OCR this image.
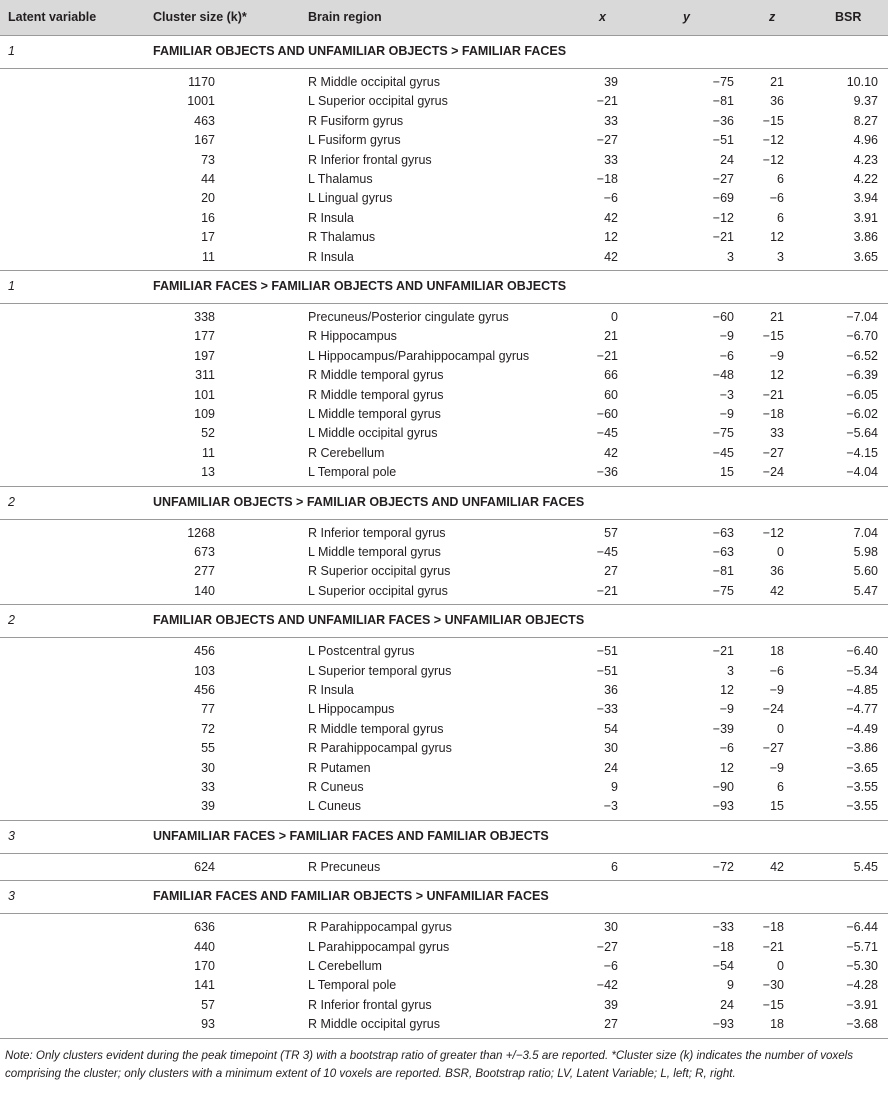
Latent variable	Cluster size (k)*	Brain region	x	y	z	BSR
1	FAMILIAR OBJECTS AND UNFAMILIAR OBJECTS > FAMILIAR FACES
1170	R Middle occipital gyrus	39	−75	21	10.10
1001	L Superior occipital gyrus	−21	−81	36	9.37
463	R Fusiform gyrus	33	−36	−15	8.27
167	L Fusiform gyrus	−27	−51	−12	4.96
73	R Inferior frontal gyrus	33	24	−12	4.23
44	L Thalamus	−18	−27	6	4.22
20	L Lingual gyrus	−6	−69	−6	3.94
16	R Insula	42	−12	6	3.91
17	R Thalamus	12	−21	12	3.86
11	R Insula	42	3	3	3.65
1	FAMILIAR FACES > FAMILIAR OBJECTS AND UNFAMILIAR OBJECTS
338	Precuneus/Posterior cingulate gyrus	0	−60	21	−7.04
177	R Hippocampus	21	−9	−15	−6.70
197	L Hippocampus/Parahippocampal gyrus	−21	−6	−9	−6.52
311	R Middle temporal gyrus	66	−48	12	−6.39
101	R Middle temporal gyrus	60	−3	−21	−6.05
109	L Middle temporal gyrus	−60	−9	−18	−6.02
52	L Middle occipital gyrus	−45	−75	33	−5.64
11	R Cerebellum	42	−45	−27	−4.15
13	L Temporal pole	−36	15	−24	−4.04
2	UNFAMILIAR OBJECTS > FAMILIAR OBJECTS AND UNFAMILIAR FACES
1268	R Inferior temporal gyrus	57	−63	−12	7.04
673	L Middle temporal gyrus	−45	−63	0	5.98
277	R Superior occipital gyrus	27	−81	36	5.60
140	L Superior occipital gyrus	−21	−75	42	5.47
2	FAMILIAR OBJECTS AND UNFAMILIAR FACES > UNFAMILIAR OBJECTS
456	L Postcentral gyrus	−51	−21	18	−6.40
103	L Superior temporal gyrus	−51	3	−6	−5.34
456	R Insula	36	12	−9	−4.85
77	L Hippocampus	−33	−9	−24	−4.77
72	R Middle temporal gyrus	54	−39	0	−4.49
55	R Parahippocampal gyrus	30	−6	−27	−3.86
30	R Putamen	24	12	−9	−3.65
33	R Cuneus	9	−90	6	−3.55
39	L Cuneus	−3	−93	15	−3.55
3	UNFAMILIAR FACES > FAMILIAR FACES AND FAMILIAR OBJECTS
624	R Precuneus	6	−72	42	5.45
3	FAMILIAR FACES AND FAMILIAR OBJECTS > UNFAMILIAR FACES
636	R Parahippocampal gyrus	30	−33	−18	−6.44
440	L Parahippocampal gyrus	−27	−18	−21	−5.71
170	L Cerebellum	−6	−54	0	−5.30
141	L Temporal pole	−42	9	−30	−4.28
57	R Inferior frontal gyrus	39	24	−15	−3.91
93	R Middle occipital gyrus	27	−93	18	−3.68
Note: Only clusters evident during the peak timepoint (TR 3) with a bootstrap ratio of greater than +/−3.5 are reported. *Cluster size (k) indicates the number of voxels comprising the cluster; only clusters with a minimum extent of 10 voxels are reported. BSR, Bootstrap ratio; LV, Latent Variable; L, left; R, right.
